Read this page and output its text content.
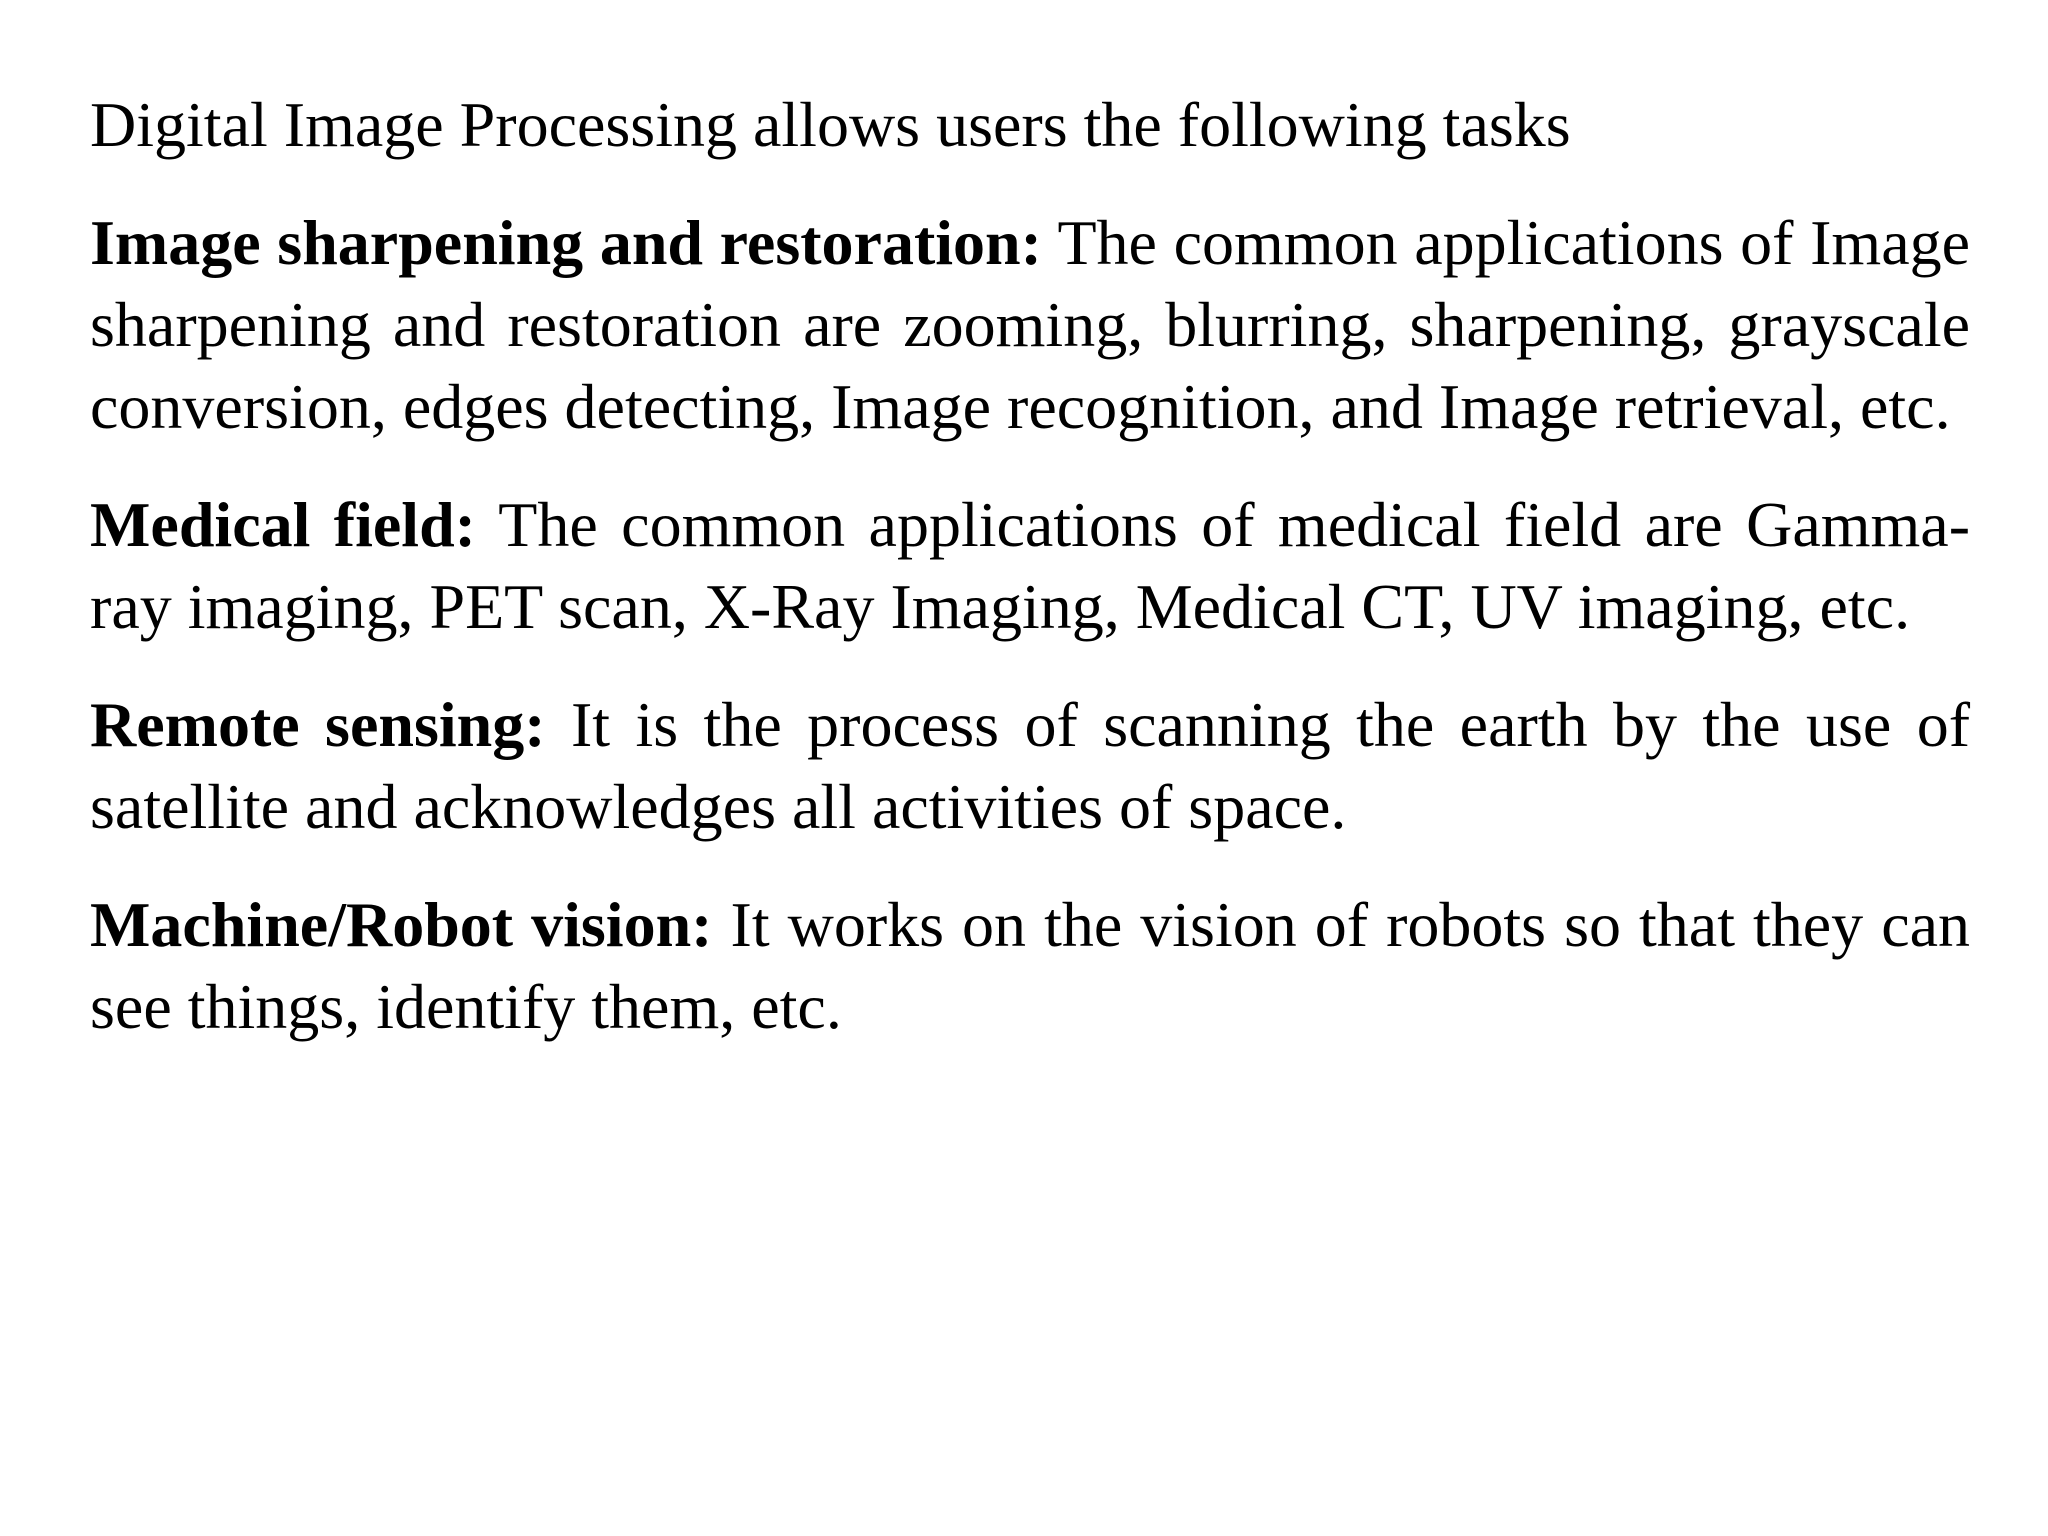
Digital Image Processing allows users the following tasks

Image sharpening and restoration: The common applications of Image sharpening and restoration are zooming, blurring, sharpening, grayscale conversion, edges detecting, Image recognition, and Image retrieval, etc.

Medical field: The common applications of medical field are Gamma-ray imaging, PET scan, X-Ray Imaging, Medical CT, UV imaging, etc.

Remote sensing: It is the process of scanning the earth by the use of satellite and acknowledges all activities of space.

Machine/Robot vision: It works on the vision of robots so that they can see things, identify them, etc.
